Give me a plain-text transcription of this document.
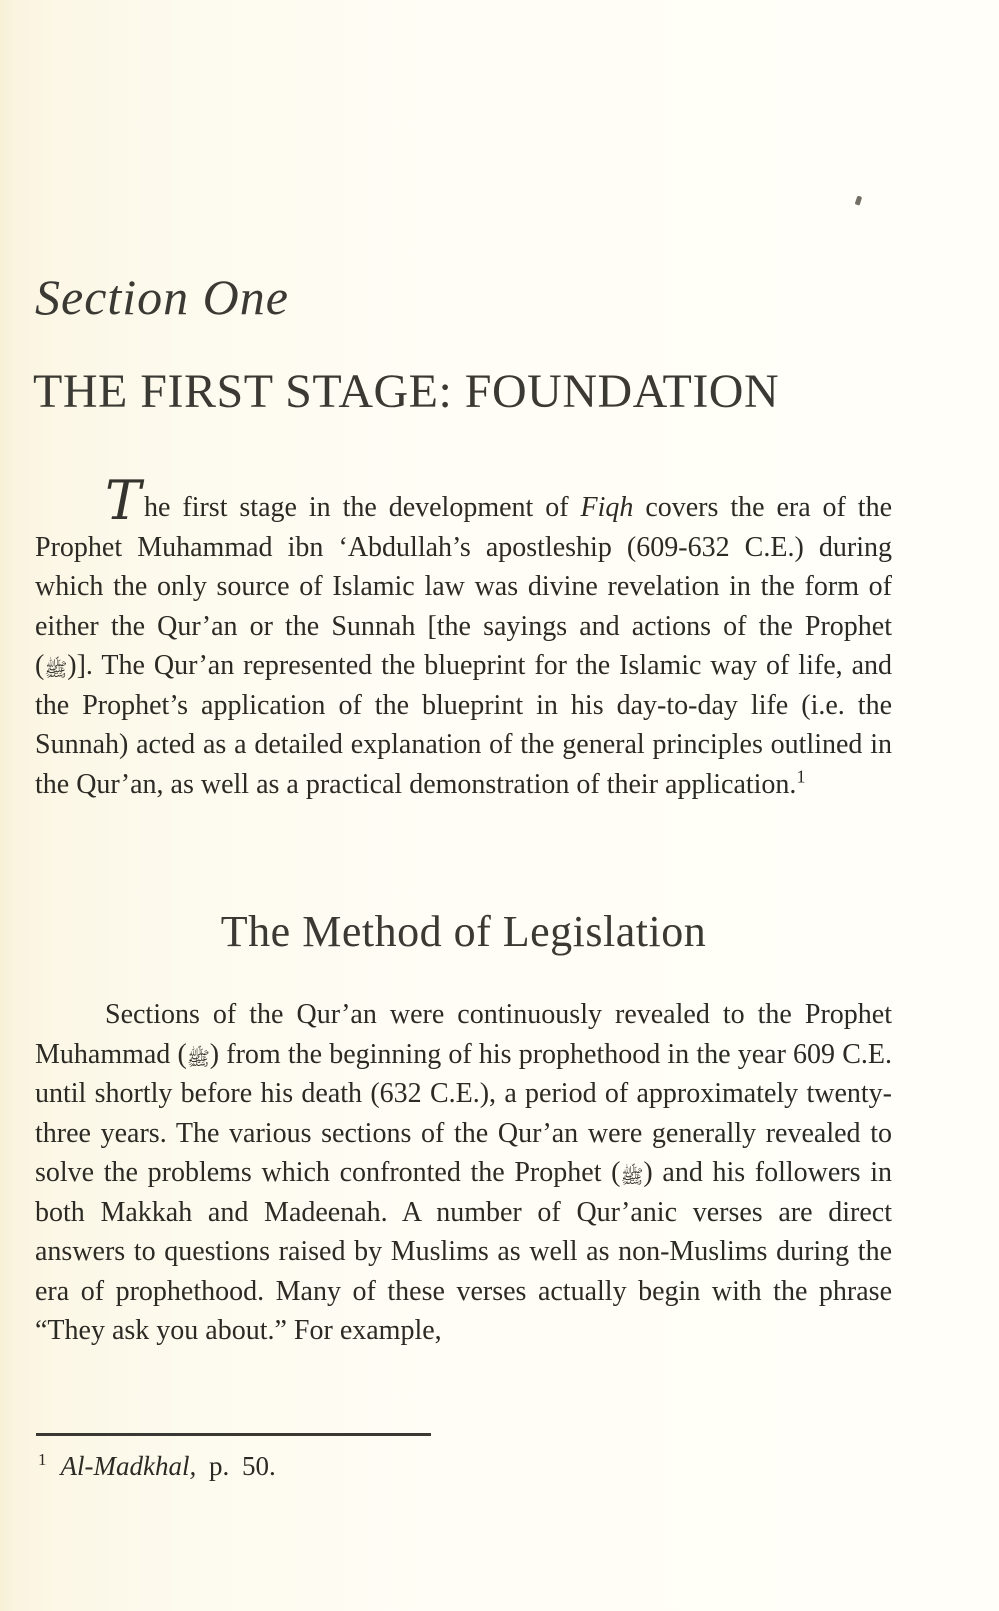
Section One
THE FIRST STAGE: FOUNDATION

The first stage in the development of Fiqh covers the era of the Prophet Muhammad ibn ‘Abdullah’s apostleship (609-632 C.E.) during which the only source of Islamic law was divine revelation in the form of either the Qur’an or the Sunnah [the sayings and actions of the Prophet (ﷺ)]. The Qur’an represented the blueprint for the Islamic way of life, and the Prophet’s application of the blueprint in his day-to-day life (i.e. the Sunnah) acted as a detailed explanation of the general principles outlined in the Qur’an, as well as a practical demonstration of their application.$^1$

The Method of Legislation

Sections of the Qur’an were continuously revealed to the Prophet Muhammad (ﷺ) from the beginning of his prophethood in the year 609 C.E. until shortly before his death (632 C.E.), a period of approximately twenty-three years. The various sections of the Qur’an were generally revealed to solve the problems which confronted the Prophet (ﷺ) and his followers in both Makkah and Madeenah. A number of Qur’anic verses are direct answers to questions raised by Muslims as well as non-Muslims during the era of prophethood. Many of these verses actually begin with the phrase “They ask you about.” For example,

$^1$ Al-Madkhal, p. 50.
